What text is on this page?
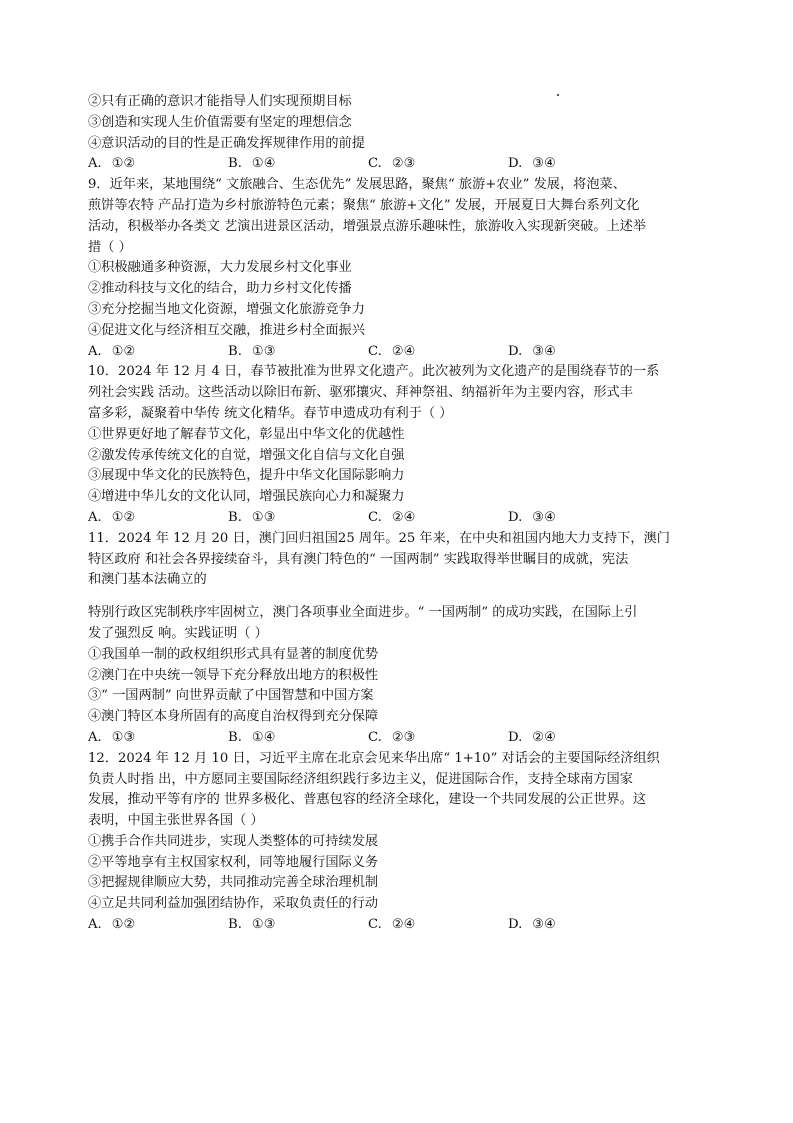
②只有正确的意识才能指导人们实现预期目标
③创造和实现人生价值需要有坚定的理想信念
④意识活动的目的性是正确发挥规律作用的前提
A. ①②	B. ①④	C. ②③	D. ③④
9．近年来，某地围绕“ 文旅融合、生态优先” 发展思路，聚焦“ 旅游+农业” 发展，将泡菜、
煎饼等农特 产品打造为乡村旅游特色元素；聚焦“ 旅游+文化” 发展，开展夏日大舞台系列文化
活动，积极举办各类文 艺演出进景区活动，增强景点游乐趣味性，旅游收入实现新突破。上述举
措（ ）
①积极融通多种资源，大力发展乡村文化事业
②推动科技与文化的结合，助力乡村文化传播
③充分挖掘当地文化资源，增强文化旅游竞争力
④促进文化与经济相互交融，推进乡村全面振兴
A. ①②	B. ①③	C. ②④	D. ③④
10．2024 年 12 月 4 日，春节被批准为世界文化遗产。此次被列为文化遗产的是围绕春节的一系
列社会实践 活动。这些活动以除旧布新、驱邪攘灾、拜神祭祖、纳福祈年为主要内容，形式丰
富多彩，凝聚着中华传 统文化精华。春节申遗成功有利于（ ）
①世界更好地了解春节文化，彰显出中华文化的优越性
②激发传承传统文化的自觉，增强文化自信与文化自强
③展现中华文化的民族特色，提升中华文化国际影响力
④增进中华儿女的文化认同，增强民族向心力和凝聚力
A. ①②	B. ①③	C. ②④	D. ③④
11．2024 年 12 月 20 日，澳门回归祖国25 周年。25 年来，在中央和祖国内地大力支持下，澳门
特区政府 和社会各界接续奋斗，具有澳门特色的“ 一国两制” 实践取得举世瞩目的成就，宪法
和澳门基本法确立的
特别行政区宪制秩序牢固树立，澳门各项事业全面进步。“ 一国两制” 的成功实践，在国际上引
发了强烈反 响。实践证明（ ）
①我国单一制的政权组织形式具有显著的制度优势
②澳门在中央统一领导下充分释放出地方的积极性
③“ 一国两制” 向世界贡献了中国智慧和中国方案
④澳门特区本身所固有的高度自治权得到充分保障
A. ①③	B. ①④	C. ②③	D. ②④
12．2024 年 12 月 10 日，习近平主席在北京会见来华出席“ 1+10” 对话会的主要国际经济组织
负责人时指 出，中方愿同主要国际经济组织践行多边主义，促进国际合作，支持全球南方国家
发展，推动平等有序的 世界多极化、普惠包容的经济全球化，建设一个共同发展的公正世界。这
表明，中国主张世界各国（ ）
①携手合作共同进步，实现人类整体的可持续发展
②平等地享有主权国家权利，同等地履行国际义务
③把握规律顺应大势，共同推动完善全球治理机制
④立足共同利益加强团结协作，采取负责任的行动
A. ①②	B. ①③	C. ②④	D. ③④
